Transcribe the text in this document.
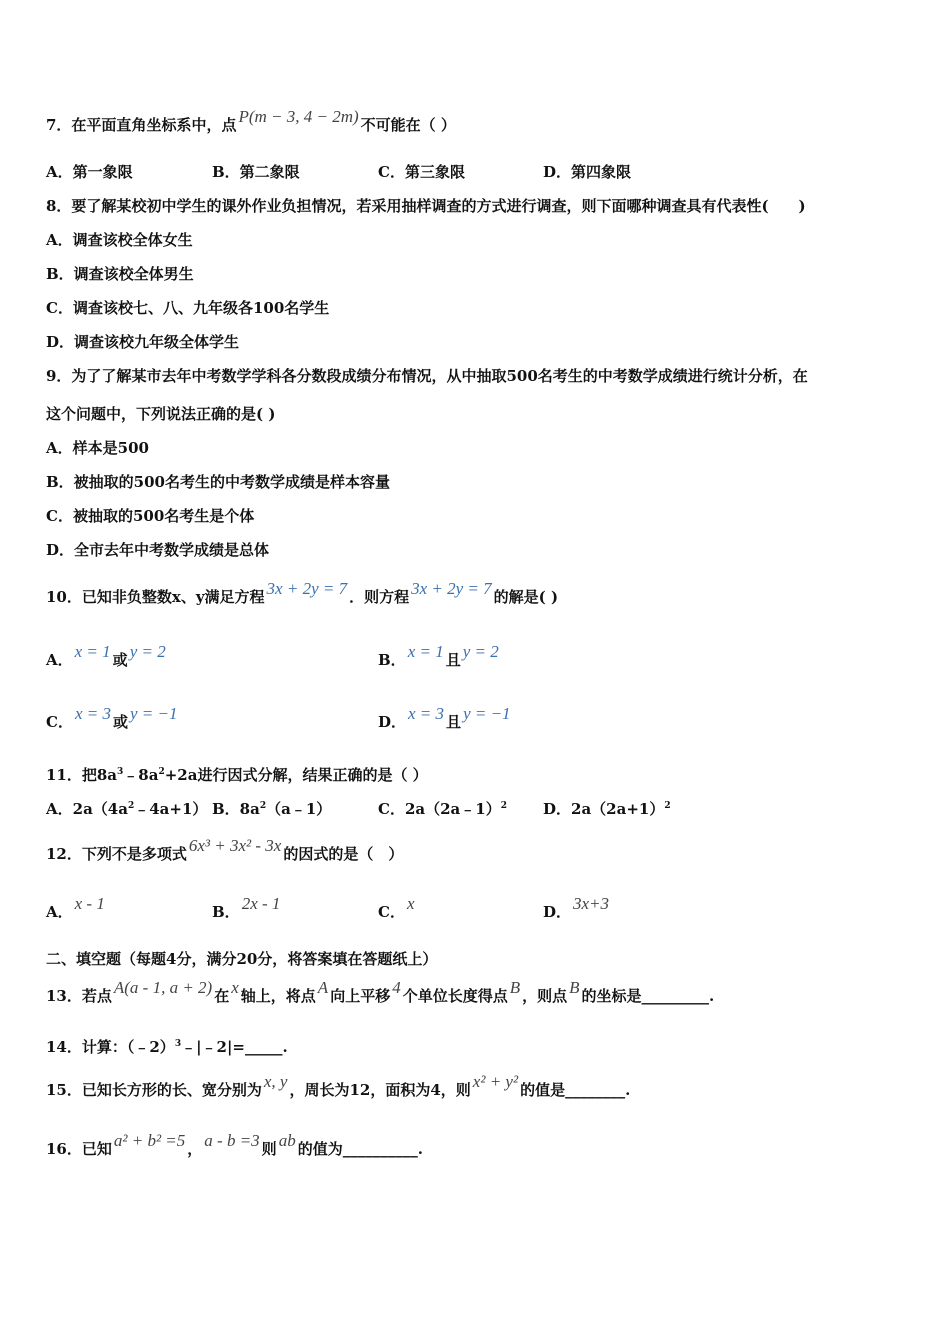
7．在平面直角坐标系中，点 P(m − 3, 4 − 2m) 不可能在（ ）
A．第一象限	B．第二象限	C．第三象限	D．第四象限
8．要了解某校初中学生的课外作业负担情况，若采用抽样调查的方式进行调查，则下面哪种调查具有代表性(　　)
A．调查该校全体女生
B．调查该校全体男生
C．调查该校七、八、九年级各100名学生
D．调查该校九年级全体学生
9．为了了解某市去年中考数学学科各分数段成绩分布情况，从中抽取500名考生的中考数学成绩进行统计分析，在
这个问题中，下列说法正确的是( )
A．样本是500
B．被抽取的500名考生的中考数学成绩是样本容量
C．被抽取的500名考生是个体
D．全市去年中考数学成绩是总体
10．已知非负整数x、y满足方程 3x + 2y = 7 ．则方程 3x + 2y = 7 的解是( )
A． x = 1 或 y = 2	B． x = 1 且 y = 2
C． x = 3 或 y = −1	D． x = 3 且 y = −1
11．把$8a^3﹣8a^2+2a$进行因式分解，结果正确的是（ ）
A．$2a(4a^2﹣4a+1)$ B．$8a^2(a﹣1)$	C．2a（2a﹣1）$^2$ D．$2a(2a+1)^2$
12．下列不是多项式 6x³ + 3x² - 3x 的因式的是（　）
A． x - 1	B． 2x - 1	C． x	D． 3x+3
二、填空题（每题4分，满分20分，将答案填在答题纸上）
13．若点 A(a - 1, a + 2) 在 x 轴上，将点 A 向上平移 4 个单位长度得点 B ，则点 B 的坐标是_________.
14．计算：（﹣2）$^3$﹣|﹣2|=_____.
15．已知长方形的长、宽分别为 x, y ，周长为12，面积为4，则 x² + y² 的值是________.
16．已知 a² + b² =5 ， a - b =3 则 ab 的值为__________.
